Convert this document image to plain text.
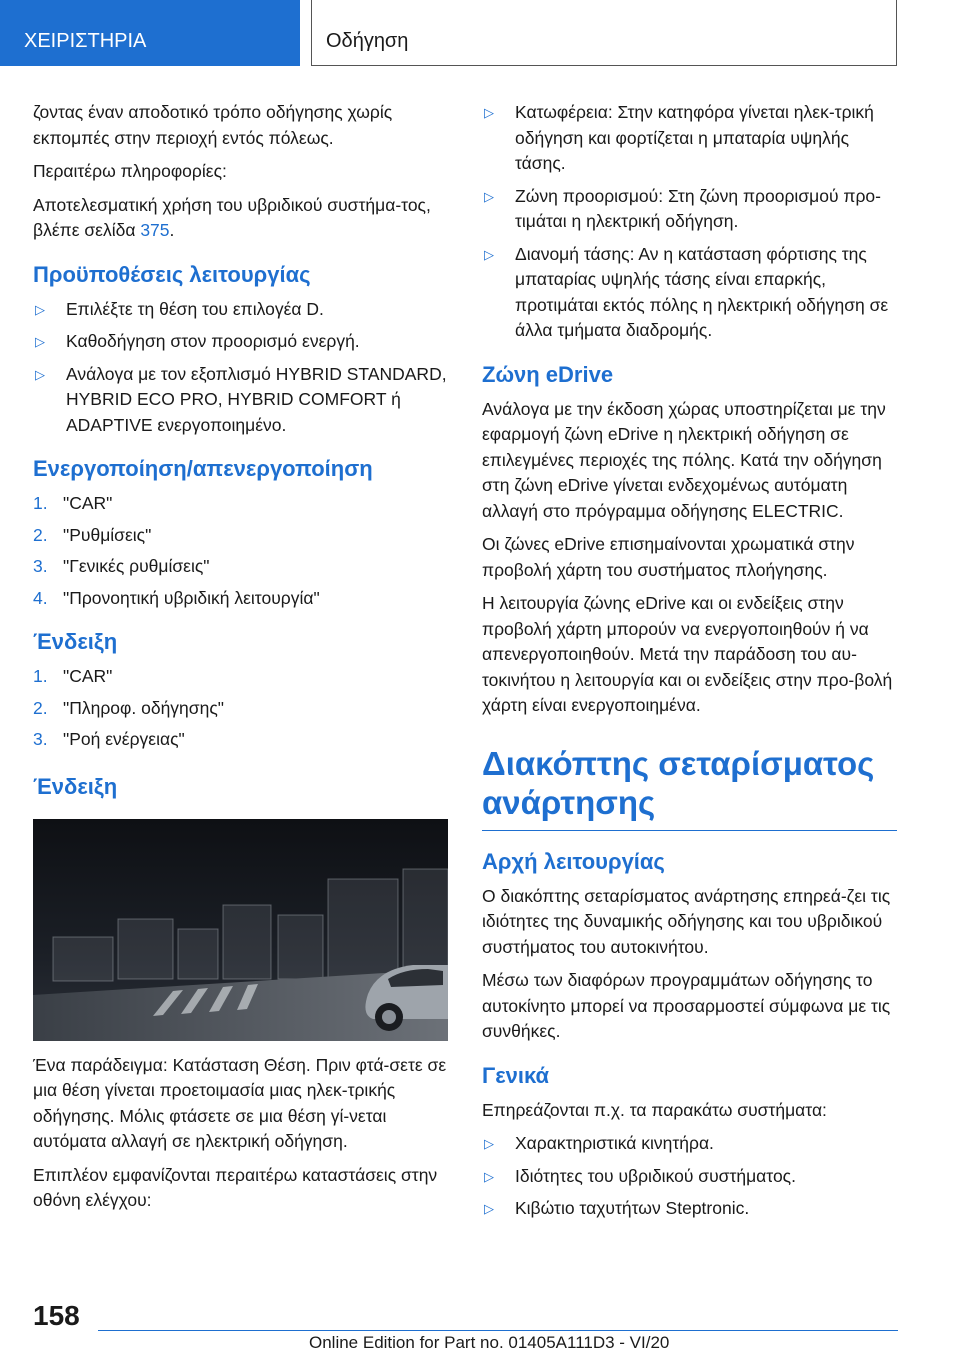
ΧΕΙΡΙΣΤΗΡΙΑ	Οδήγηση

ζοντας έναν αποδοτικό τρόπο οδήγησης χωρίς εκπομπές στην περιοχή εντός πόλεως.

Περαιτέρω πληροφορίες:

Αποτελεσματική χρήση του υβριδικού συστήμα-τος, βλέπε σελίδα 375.

Προϋποθέσεις λειτουργίας
▷ Επιλέξτε τη θέση του επιλογέα D.
▷ Καθοδήγηση στον προορισμό ενεργή.
▷ Ανάλογα με τον εξοπλισμό HYBRID STANDARD, HYBRID ECO PRO, HYBRID COMFORT ή ADAPTIVE ενεργοποιημένο.
Ενεργοποίηση/απενεργοποίηση
1. "CAR"
2. "Ρυθμίσεις"
3. "Γενικές ρυθμίσεις"
4. "Προνοητική υβριδική λειτουργία"
Ένδειξη
1. "CAR"
2. "Πληροφ. οδήγησης"
3. "Ροή ενέργειας"
Ένδειξη

Ένα παράδειγμα: Κατάσταση Θέση. Πριν φτά-σετε σε μια θέση γίνεται προετοιμασία μιας ηλεκ-τρικής οδήγησης. Μόλις φτάσετε σε μια θέση γί-νεται αυτόματα αλλαγή σε ηλεκτρική οδήγηση.

Επιπλέον εμφανίζονται περαιτέρω καταστάσεις στην οθόνη ελέγχου:

▷ Κατωφέρεια: Στην κατηφόρα γίνεται ηλεκ-τρική οδήγηση και φορτίζεται η μπαταρία υψηλής τάσης.
▷ Ζώνη προορισμού: Στη ζώνη προορισμού προ-τιμάται η ηλεκτρική οδήγηση.
▷ Διανομή τάσης: Αν η κατάσταση φόρτισης της μπαταρίας υψηλής τάσης είναι επαρκής, προτιμάται εκτός πόλης η ηλεκτρική οδήγηση σε άλλα τμήματα διαδρομής.
Ζώνη eDrive

Ανάλογα με την έκδοση χώρας υποστηρίζεται με την εφαρμογή ζώνη eDrive η ηλεκτρική οδήγηση σε επιλεγμένες περιοχές της πόλης. Κατά την οδήγηση στη ζώνη eDrive γίνεται ενδεχομένως αυτόματη αλλαγή στο πρόγραμμα οδήγησης ELECTRIC.

Οι ζώνες eDrive επισημαίνονται χρωματικά στην προβολή χάρτη του συστήματος πλοήγησης.

Η λειτουργία ζώνης eDrive και οι ενδείξεις στην προβολή χάρτη μπορούν να ενεργοποιηθούν ή να απενεργοποιηθούν. Μετά την παράδοση του αυ-τοκινήτου η λειτουργία και οι ενδείξεις στην προ-βολή χάρτη είναι ενεργοποιημένα.

Διακόπτης σεταρίσματος ανάρτησης
Αρχή λειτουργίας

Ο διακόπτης σεταρίσματος ανάρτησης επηρεά-ζει τις ιδιότητες της δυναμικής οδήγησης και του υβριδικού συστήματος του αυτοκινήτου.

Μέσω των διαφόρων προγραμμάτων οδήγησης το αυτοκίνητο μπορεί να προσαρμοστεί σύμφωνα με τις συνθήκες.

Γενικά

Επηρεάζονται π.χ. τα παρακάτω συστήματα:

▷ Χαρακτηριστικά κινητήρα.
▷ Ιδιότητες του υβριδικού συστήματος.
▷ Κιβώτιο ταχυτήτων Steptronic.
158
Online Edition for Part no. 01405A111D3 - VI/20
